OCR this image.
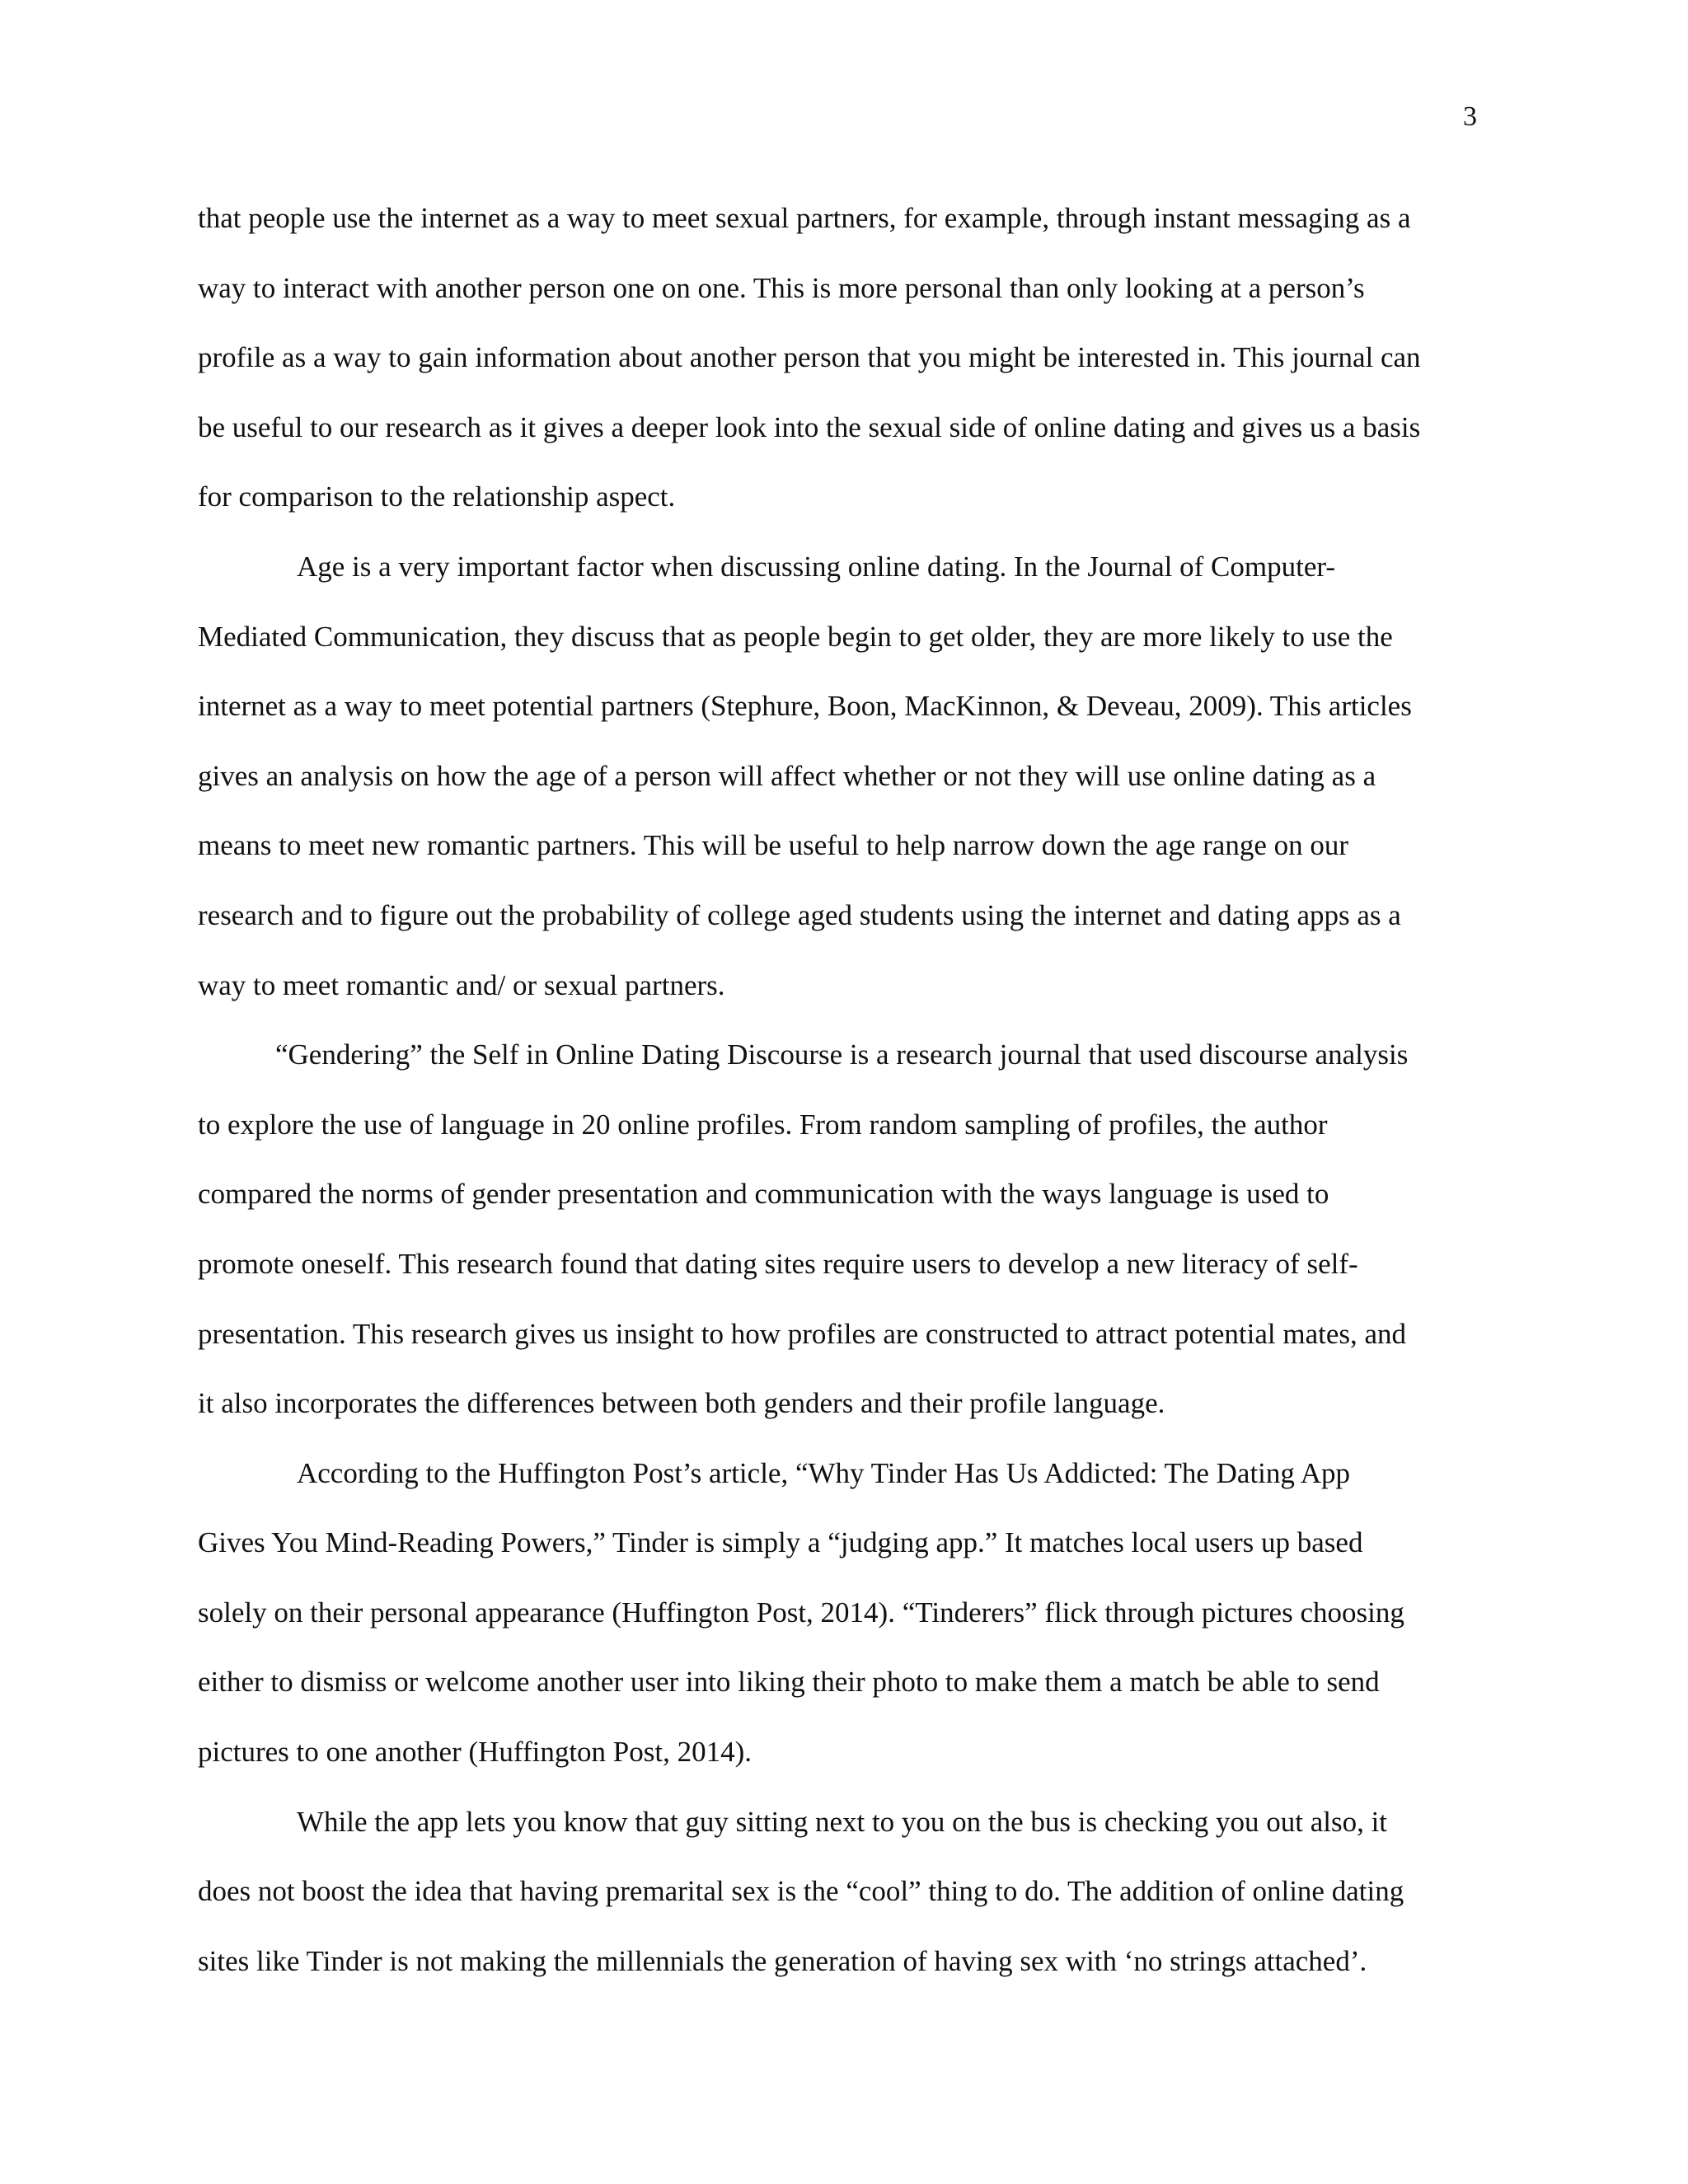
3
that people use the internet as a way to meet sexual partners, for example, through instant messaging as a
way to interact with another person one on one. This is more personal than only looking at a person’s
profile as a way to gain information about another person that you might be interested in. This journal can
be useful to our research as it gives a deeper look into the sexual side of online dating and gives us a basis
for comparison to the relationship aspect.
Age is a very important factor when discussing online dating. In the Journal of Computer-
Mediated Communication, they discuss that as people begin to get older, they are more likely to use the
internet as a way to meet potential partners (Stephure, Boon, MacKinnon, & Deveau, 2009). This articles
gives an analysis on how the age of a person will affect whether or not they will use online dating as a
means to meet new romantic partners. This will be useful to help narrow down the age range on our
research and to figure out the probability of college aged students using the internet and dating apps as a
way to meet romantic and/ or sexual partners.
“Gendering” the Self in Online Dating Discourse is a research journal that used discourse analysis
to explore the use of language in 20 online profiles. From random sampling of profiles, the author
compared the norms of gender presentation and communication with the ways language is used to
promote oneself. This research found that dating sites require users to develop a new literacy of self-
presentation. This research gives us insight to how profiles are constructed to attract potential mates, and
it also incorporates the differences between both genders and their profile language.
According to the Huffington Post’s article, “Why Tinder Has Us Addicted: The Dating App
Gives You Mind-Reading Powers,” Tinder is simply a “judging app.” It matches local users up based
solely on their personal appearance (Huffington Post, 2014). “Tinderers” flick through pictures choosing
either to dismiss or welcome another user into liking their photo to make them a match be able to send
pictures to one another (Huffington Post, 2014).
While the app lets you know that guy sitting next to you on the bus is checking you out also, it
does not boost the idea that having premarital sex is the “cool” thing to do. The addition of online dating
sites like Tinder is not making the millennials the generation of having sex with ‘no strings attached’.
